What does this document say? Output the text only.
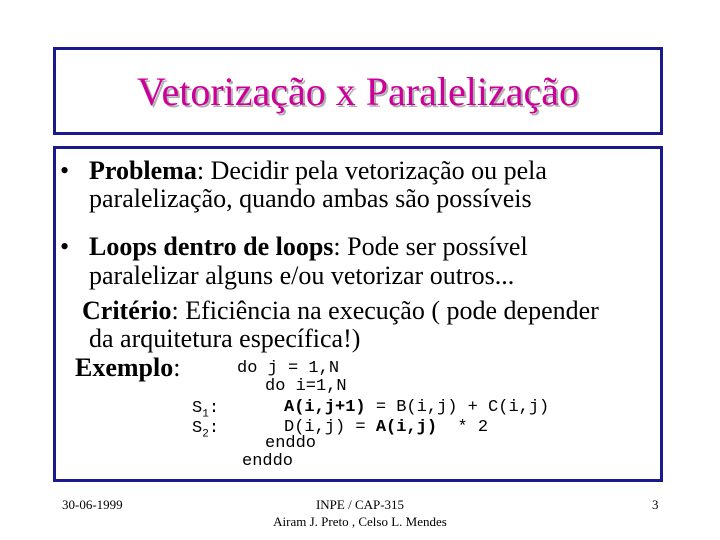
Vetorização x Paralelização
• Problema: Decidir pela vetorização ou pela
paralelização, quando ambas são possíveis
• Loops dentro de loops: Pode ser possível
paralelizar alguns e/ou vetorizar outros...
Critério: Eficiência na execução ( pode depender
da arquitetura específica!)
Exemplo:	do j = 1,N
do i=1,N
$S_1$:	A(i,j+1) = B(i,j) + C(i,j)
$S_2$:	D(i,j) = A(i,j)  * 2
enddo
enddo
30-06-1999	INPE / CAP-315
Airam J. Preto , Celso L. Mendes
3
